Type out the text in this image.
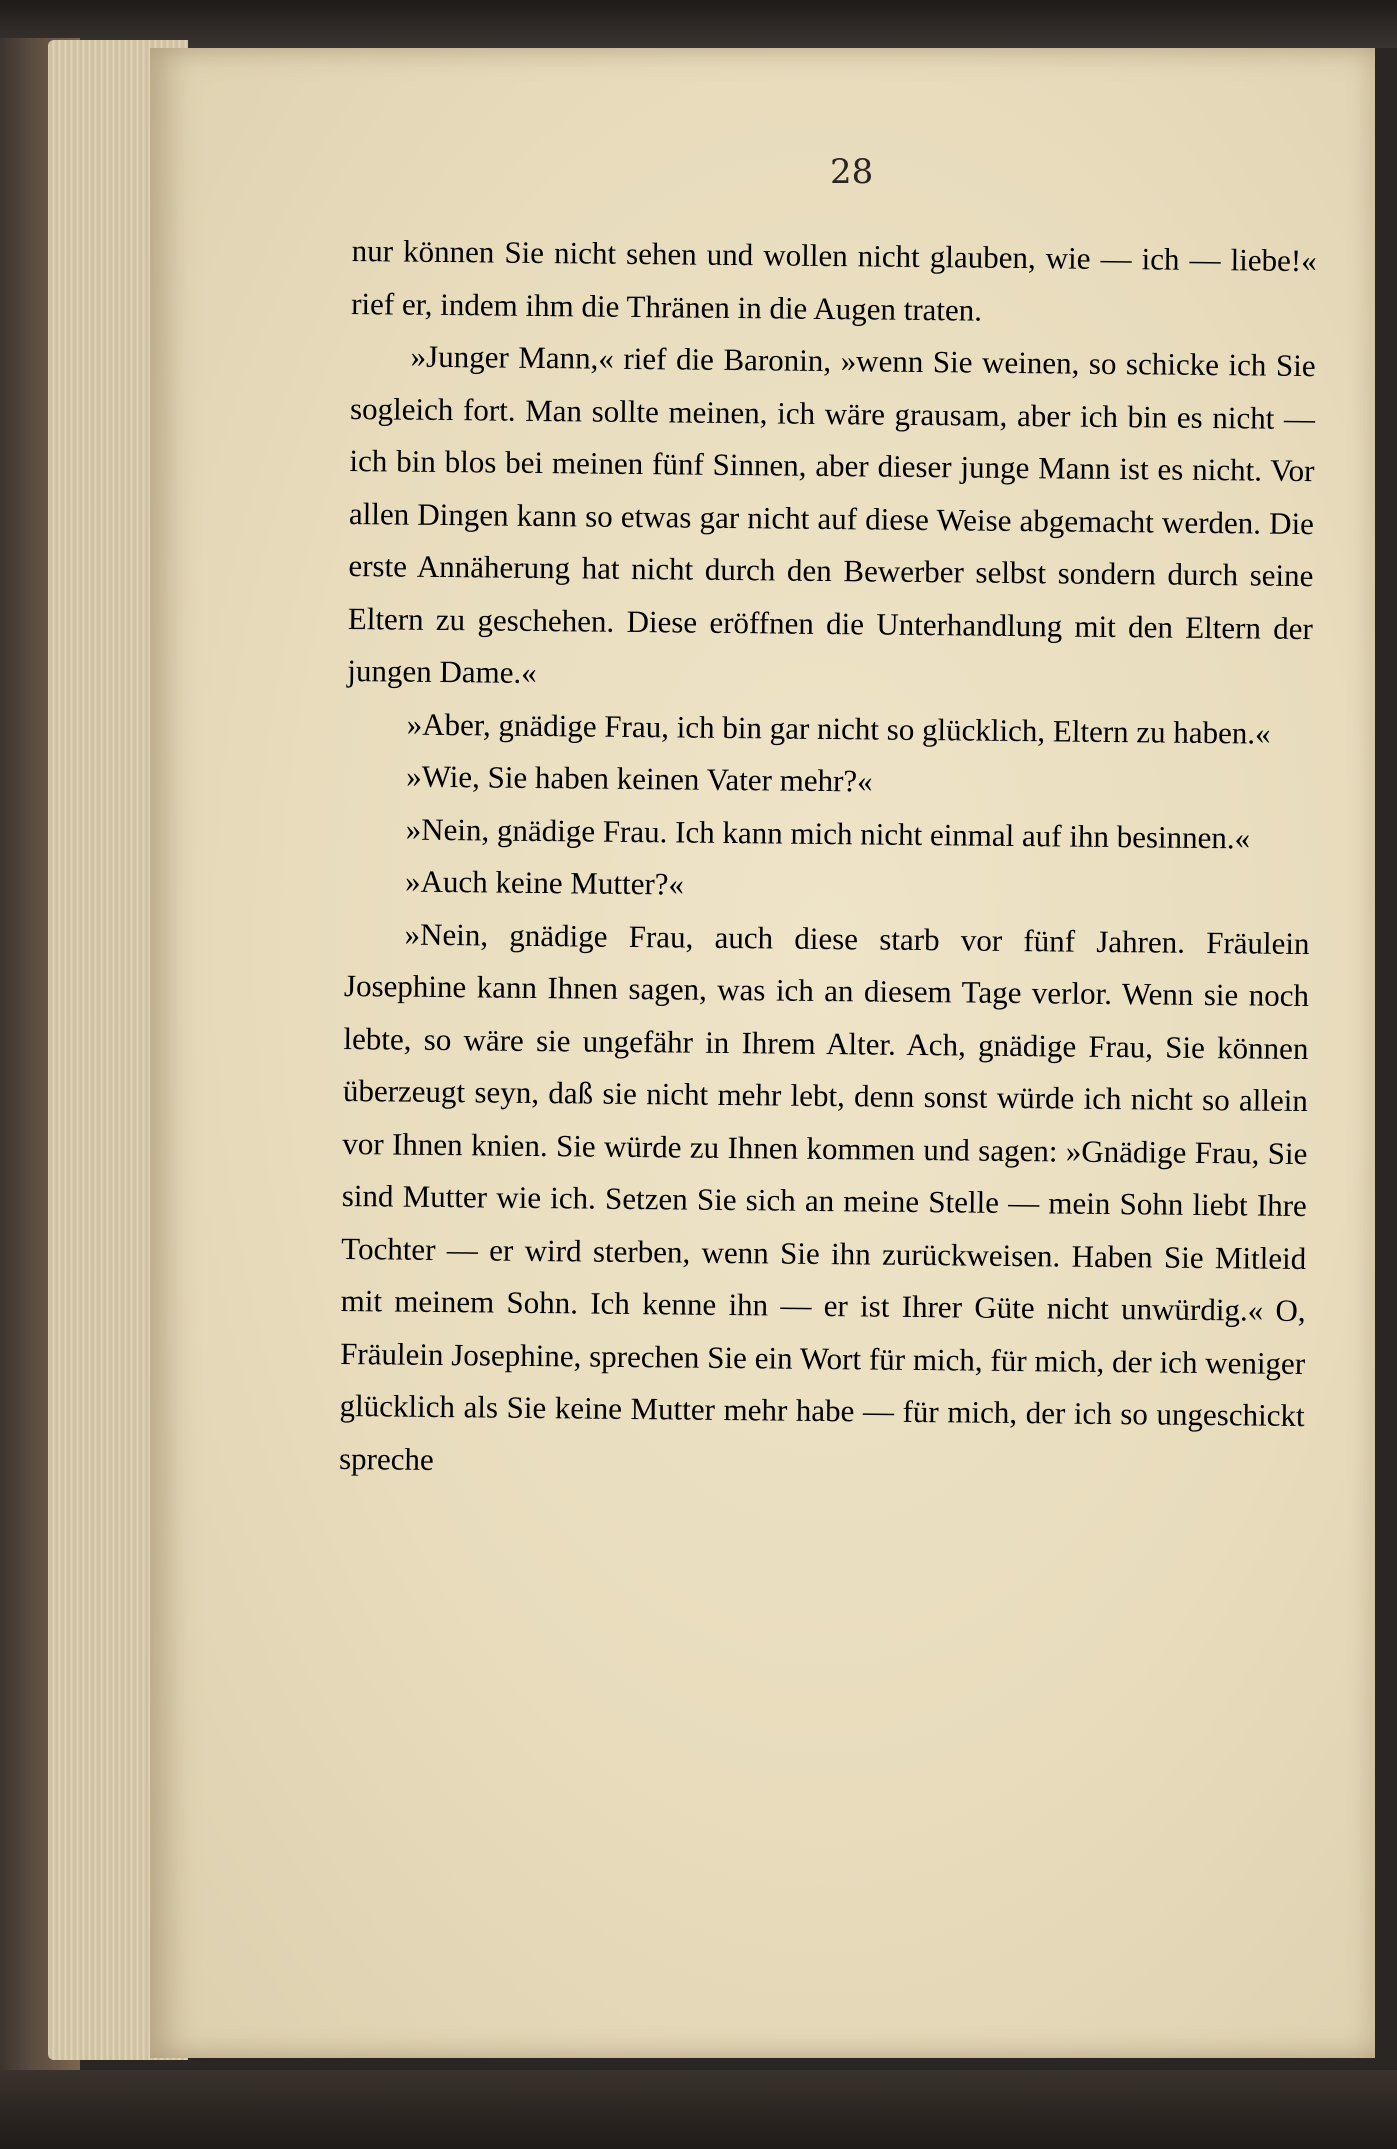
28

nur können Sie nicht sehen und wollen nicht glauben, wie — ich — liebe!« rief er, indem ihm die Thränen in die Augen traten.

»Junger Mann,« rief die Baronin, »wenn Sie weinen, so schicke ich Sie sogleich fort. Man sollte meinen, ich wäre grausam, aber ich bin es nicht — ich bin blos bei meinen fünf Sinnen, aber dieser junge Mann ist es nicht. Vor allen Dingen kann so etwas gar nicht auf diese Weise abgemacht werden. Die erste Annäherung hat nicht durch den Bewerber selbst sondern durch seine Eltern zu geschehen. Diese eröffnen die Unterhandlung mit den Eltern der jungen Dame.«

»Aber, gnädige Frau, ich bin gar nicht so glücklich, Eltern zu haben.«

»Wie, Sie haben keinen Vater mehr?«

»Nein, gnädige Frau. Ich kann mich nicht einmal auf ihn besinnen.«

»Auch keine Mutter?«

»Nein, gnädige Frau, auch diese starb vor fünf Jahren. Fräulein Josephine kann Ihnen sagen, was ich an diesem Tage verlor. Wenn sie noch lebte, so wäre sie ungefähr in Ihrem Alter. Ach, gnädige Frau, Sie können überzeugt seyn, daß sie nicht mehr lebt, denn sonst würde ich nicht so allein vor Ihnen knien. Sie würde zu Ihnen kommen und sagen: »Gnädige Frau, Sie sind Mutter wie ich. Setzen Sie sich an meine Stelle — mein Sohn liebt Ihre Tochter — er wird sterben, wenn Sie ihn zurückweisen. Haben Sie Mitleid mit meinem Sohn. Ich kenne ihn — er ist Ihrer Güte nicht unwürdig.« O, Fräulein Josephine, sprechen Sie ein Wort für mich, für mich, der ich weniger glücklich als Sie keine Mutter mehr habe — für mich, der ich so ungeschickt spreche
